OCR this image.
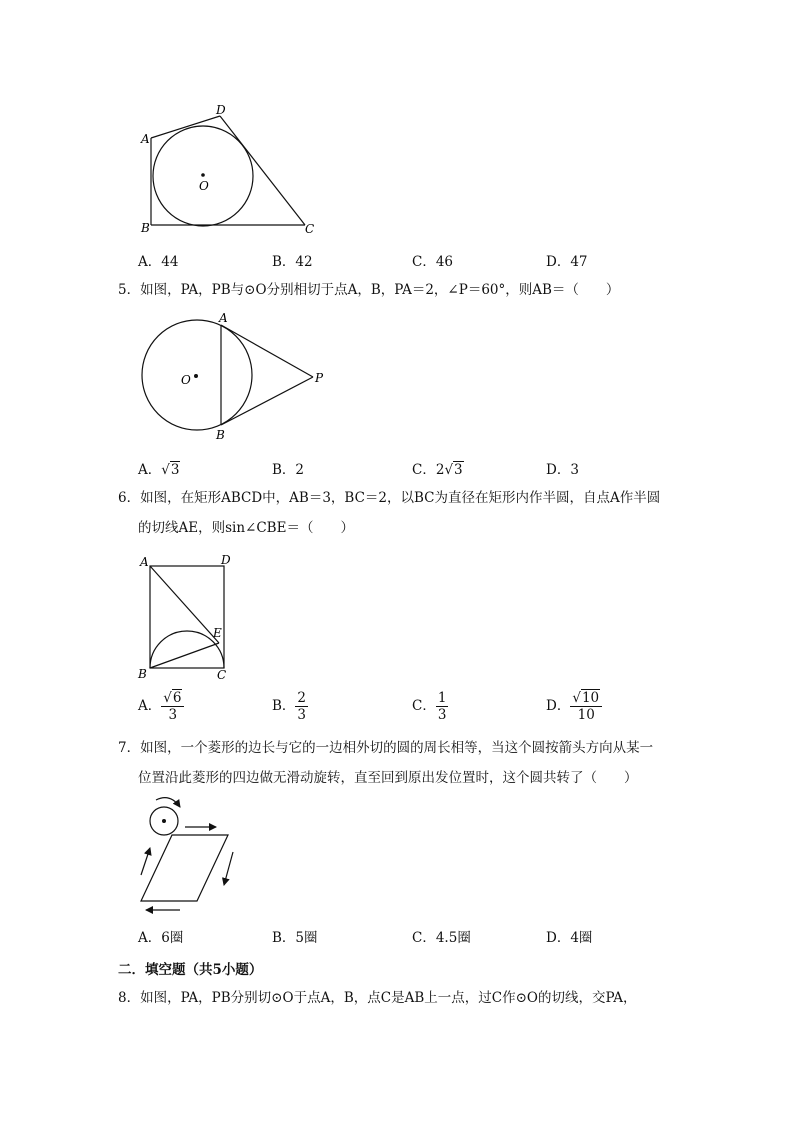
A
B	C
D
O
A．44	B．42	C．46	D．47
5．如图，PA，PB与⊙O分别相切于点A，B，PA＝2，∠P＝60°，则AB＝（　　）
A
B
O	P
A．√3	B．2	C．2√3	D．3
6．如图，在矩形ABCD中，AB＝3，BC＝2，以BC为直径在矩形内作半圆，自点A作半圆
的切线AE，则sin∠CBE＝（　　）
A	D
E
B	C
A． $\frac{√6}{3}$	B． $\frac{2}{3}$	C． $\frac{1}{3}$	D． $\frac{√10}{10}$
7．如图，一个菱形的边长与它的一边相外切的圆的周长相等，当这个圆按箭头方向从某一
位置沿此菱形的四边做无滑动旋转，直至回到原出发位置时，这个圆共转了（　　）
A．6圈	B．5圈	C．4.5圈	D．4圈
二．填空题（共5小题）
8．如图，PA，PB分别切⊙O于点A，B，点C是AB上一点，过C作⊙O的切线，交PA，
